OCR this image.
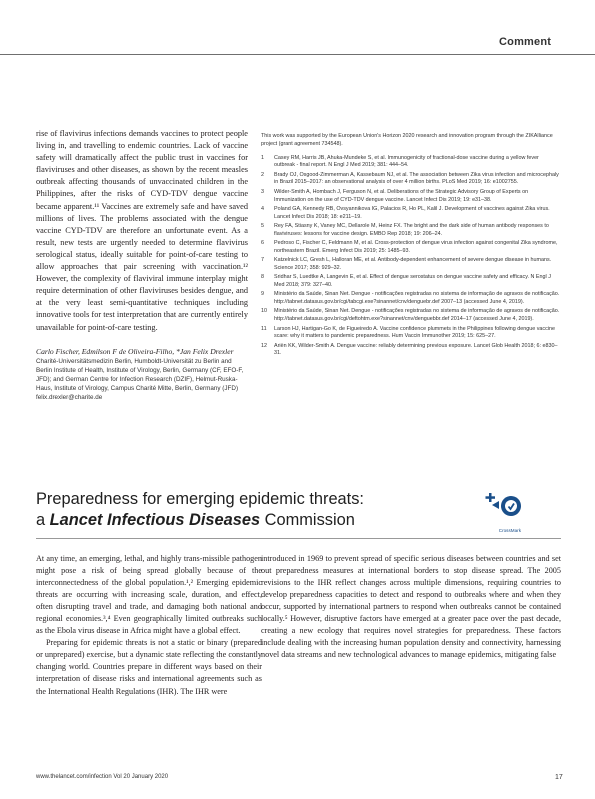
Comment

rise of flavivirus infections demands vaccines to protect people living in, and travelling to endemic countries. Lack of vaccine safety will dramatically affect the public trust in vaccines for flaviviruses and other diseases, as shown by the recent measles outbreak affecting thousands of unvaccinated children in the Philippines, after the risks of CYD-TDV dengue vaccine became apparent.¹¹ Vaccines are extremely safe and have saved millions of lives. The problems associated with the dengue vaccine CYD-TDV are therefore an unfortunate event. As a result, new tests are urgently needed to determine flavivirus serological status, ideally suitable for point-of-care testing to allow approaches that pair screening with vaccination.¹² However, the complexity of flaviviral immune interplay might require determination of other flaviviruses besides dengue, and at the very least semi-quantitative techniques including innovative tools for test interpretation that are currently entirely unavailable for point-of-care testing.

Carlo Fischer, Edmilson F de Oliveira-Filho, *Jan Felix Drexler

Charité-Universitätsmedizin Berlin, Humboldt-Universität zu Berlin and Berlin Institute of Health, Institute of Virology, Berlin, Germany (CF, EFO-F, JFD); and German Centre for Infection Research (DZIF), Helmut-Ruska-Haus, Institute of Virology, Campus Charité Mitte, Berlin, Germany (JFD)

felix.drexler@charite.de

This work was supported by the European Union's Horizon 2020 research and innovation program through the ZIKAlliance project (grant agreement 734548).

1 Casey RM, Harris JB, Ahuka-Mundeke S, et al. Immunogenicity of fractional-dose vaccine during a yellow fever outbreak - final report. N Engl J Med 2019; 381: 444–54.
2 Brady OJ, Osgood-Zimmerman A, Kassebaum NJ, et al. The association between Zika virus infection and microcephaly in Brazil 2015–2017: an observational analysis of over 4 million births. PLoS Med 2019; 16: e1002755.
3 Wilder-Smith A, Hombach J, Ferguson N, et al. Deliberations of the Strategic Advisory Group of Experts on Immunization on the use of CYD-TDV dengue vaccine. Lancet Infect Dis 2019; 19: e31–38.
4 Poland GA, Kennedy RB, Ovsyannikova IG, Palacios R, Ho PL, Kalil J. Development of vaccines against Zika virus. Lancet Infect Dis 2018; 18: e211–19.
5 Rey FA, Stiasny K, Vaney MC, Dellarole M, Heinz FX. The bright and the dark side of human antibody responses to flaviviruses: lessons for vaccine design. EMBO Rep 2018; 19: 206–24.
6 Pedroso C, Fischer C, Feldmann M, et al. Cross-protection of dengue virus infection against congenital Zika syndrome, northeastern Brazil. Emerg Infect Dis 2019; 25: 1485–93.
7 Katzelnick LC, Gresh L, Halloran ME, et al. Antibody-dependent enhancement of severe dengue disease in humans. Science 2017; 358: 929–32.
8 Sridhar S, Luedtke A, Langevin E, et al. Effect of dengue serostatus on dengue vaccine safety and efficacy. N Engl J Med 2018; 379: 327–40.
9 Ministério da Saúde, Sinan Net. Dengue - notificações registradas no sistema de informação de agravos de notificação. http://tabnet.datasus.gov.br/cgi/tabcgi.exe?sinannet/cnv/denguebr.def 2007–13 (accessed June 4, 2019).
10 Ministério da Saúde, Sinan Net. Dengue - notificações registradas no sistema de informação de agravos de notificação. http://tabnet.datasus.gov.br/cgi/deftohtm.exe?sinannet/cnv/denguebbr.def 2014–17 (accessed June 4, 2019).
11 Larson HJ, Hartigan-Go K, de Figueiredo A. Vaccine confidence plummets in the Philippines following dengue vaccine scare: why it matters to pandemic preparedness. Hum Vaccin Immunother 2019; 15: 625–27.
12 Ariën KK, Wilder-Smith A. Dengue vaccine: reliably determining previous exposure. Lancet Glob Health 2018; 6: e830–31.
Preparedness for emerging epidemic threats:
a Lancet Infectious Diseases Commission
CrossMark

At any time, an emerging, lethal, and highly trans-missible pathogen might pose a risk of being spread globally because of the interconnectedness of the global population.¹,² Emerging epidemic threats are occurring with increasing scale, duration, and effect, often disrupting travel and trade, and damaging both national and regional economies.³,⁴ Even geographically limited outbreaks such as the Ebola virus disease in Africa might have a global effect.

Preparing for epidemic threats is not a static or binary (prepared or unprepared) exercise, but a dynamic state reflecting the constantly changing world. Countries prepare in different ways based on their interpretation of disease risks and international agreements such as the International Health Regulations (IHR). The IHR were

introduced in 1969 to prevent spread of specific serious diseases between countries and set out preparedness measures at international borders to stop disease spread. The 2005 revisions to the IHR reflect changes across multiple dimensions, requiring countries to develop preparedness capacities to detect and respond to outbreaks where and when they occur, supported by international partners to respond when outbreaks cannot be contained locally.⁵ However, disruptive factors have emerged at a greater pace over the past decade, creating a new ecology that requires novel strategies for preparedness. These factors include dealing with the increasing human population density and connectivity, harnessing novel data streams and new technological advances to manage epidemics, mitigating false

www.thelancet.com/infection Vol 20 January 2020	17
